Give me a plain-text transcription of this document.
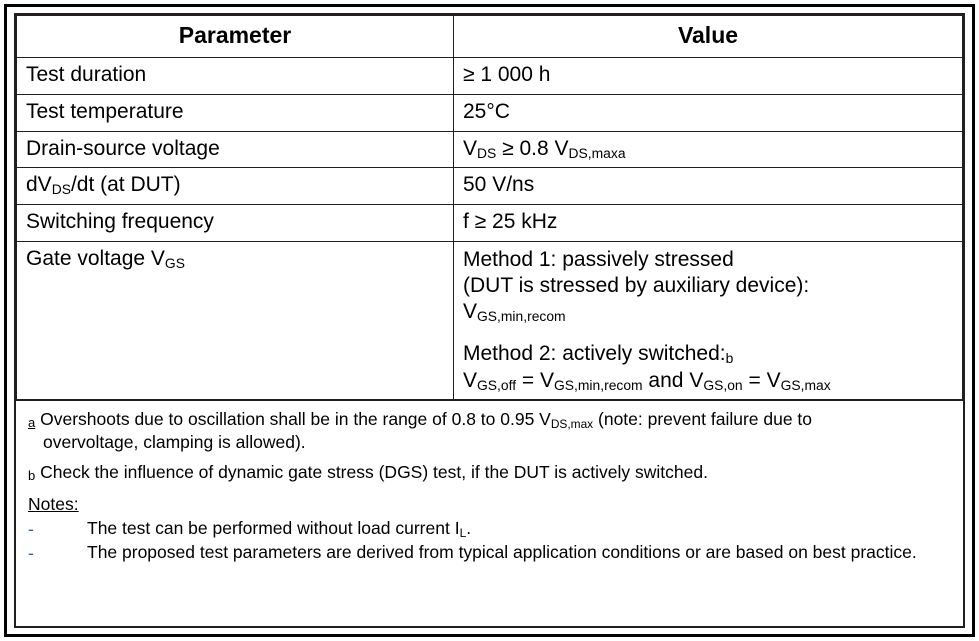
Parameter	Value
Test duration	≥ 1 000 h
Test temperature	25°C
Drain-source voltage	VDS ≥ 0.8 VDS,maxa
dVDS/dt (at DUT)	50 V/ns
Switching frequency	f ≥ 25 kHz
Gate voltage VGS	Method 1: passively stressed

(DUT is stressed by auxiliary device):

VGS,min,recom

Method 2: actively switched:b

VGS,off = VGS,min,recom and VGS,on = VGS,max

a Overshoots due to oscillation shall be in the range of 0.8 to 0.95 VDS,max (note: prevent failure due to
overvoltage, clamping is allowed).

b Check the influence of dynamic gate stress (DGS) test, if the DUT is actively switched.

Notes:

-	The test can be performed without load current IL.
-	The proposed test parameters are derived from typical application conditions or are based on best practice.
